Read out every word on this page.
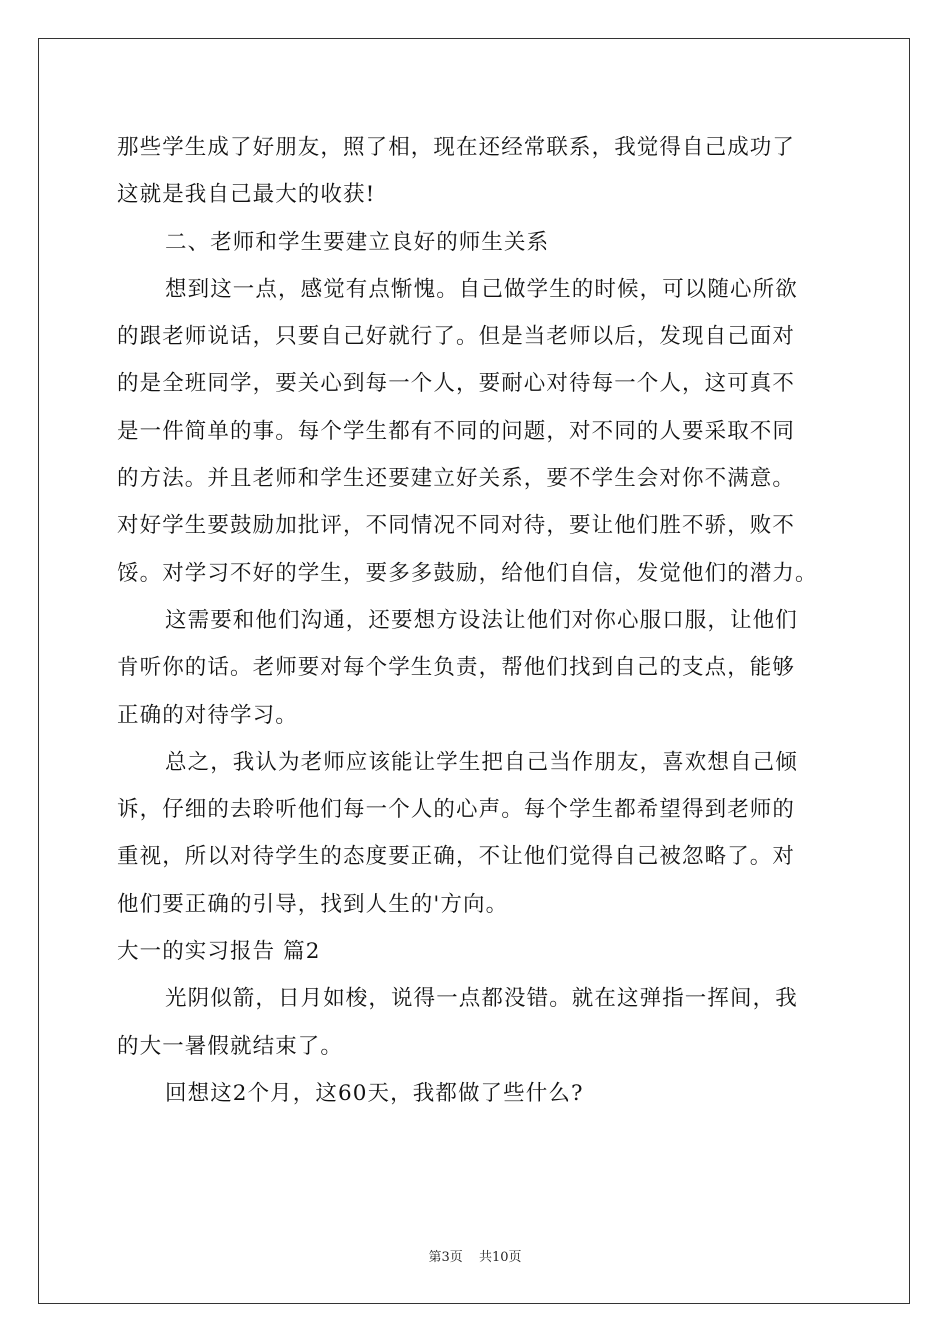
那些学生成了好朋友，照了相，现在还经常联系，我觉得自己成功了
这就是我自己最大的收获!
二、老师和学生要建立良好的师生关系
想到这一点，感觉有点惭愧。自己做学生的时候，可以随心所欲
的跟老师说话，只要自己好就行了。但是当老师以后，发现自己面对
的是全班同学，要关心到每一个人，要耐心对待每一个人，这可真不
是一件简单的事。每个学生都有不同的问题，对不同的人要采取不同
的方法。并且老师和学生还要建立好关系，要不学生会对你不满意。
对好学生要鼓励加批评，不同情况不同对待，要让他们胜不骄，败不
馁。对学习不好的学生，要多多鼓励，给他们自信，发觉他们的潜力。
这需要和他们沟通，还要想方设法让他们对你心服口服，让他们
肯听你的话。老师要对每个学生负责，帮他们找到自己的支点，能够
正确的对待学习。
总之，我认为老师应该能让学生把自己当作朋友，喜欢想自己倾
诉，仔细的去聆听他们每一个人的心声。每个学生都希望得到老师的
重视，所以对待学生的态度要正确，不让他们觉得自己被忽略了。对
他们要正确的引导，找到人生的'方向。
大一的实习报告 篇2
光阴似箭，日月如梭，说得一点都没错。就在这弹指一挥间，我
的大一暑假就结束了。
回想这2个月，这60天，我都做了些什么?
第3页 共10页
